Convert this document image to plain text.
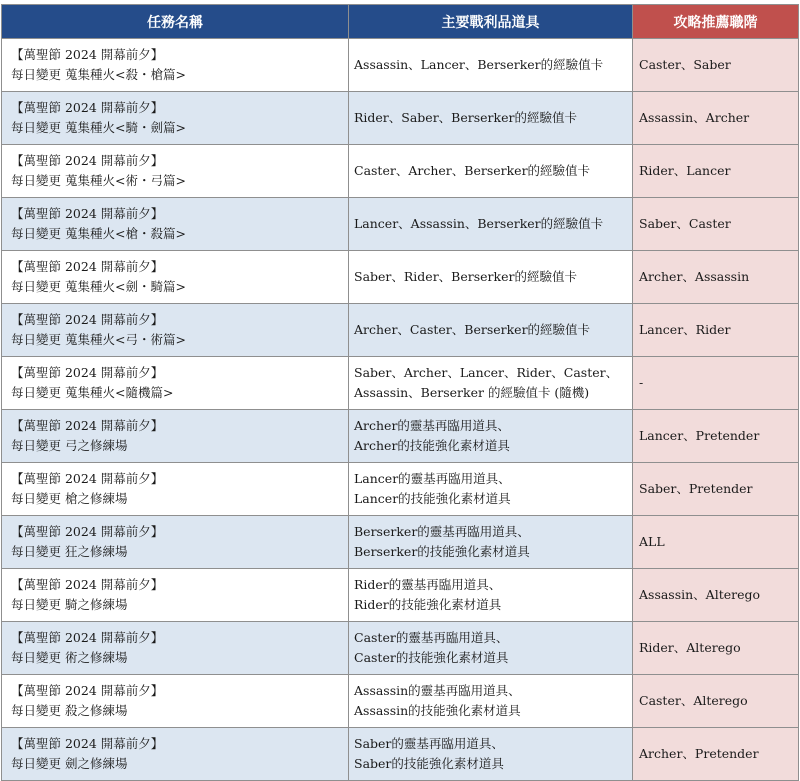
任務名稱	主要戰利品道具	攻略推薦職階

【萬聖節 2024 開幕前夕】
每日變更 蒐集種火<殺・槍篇>	Assassin、Lancer、Berserker的經驗值卡	Caster、Saber

【萬聖節 2024 開幕前夕】
每日變更 蒐集種火<騎・劍篇>	Rider、Saber、Berserker的經驗值卡	Assassin、Archer

【萬聖節 2024 開幕前夕】
每日變更 蒐集種火<術・弓篇>	Caster、Archer、Berserker的經驗值卡	Rider、Lancer

【萬聖節 2024 開幕前夕】
每日變更 蒐集種火<槍・殺篇>	Lancer、Assassin、Berserker的經驗值卡	Saber、Caster

【萬聖節 2024 開幕前夕】
每日變更 蒐集種火<劍・騎篇>	Saber、Rider、Berserker的經驗值卡	Archer、Assassin

【萬聖節 2024 開幕前夕】
每日變更 蒐集種火<弓・術篇>	Archer、Caster、Berserker的經驗值卡	Lancer、Rider

【萬聖節 2024 開幕前夕】
每日變更 蒐集種火<隨機篇>	Saber、Archer、Lancer、Rider、Caster、
Assassin、Berserker 的經驗值卡 (隨機)	-

【萬聖節 2024 開幕前夕】
每日變更 弓之修練場	Archer的靈基再臨用道具、
Archer的技能強化素材道具	Lancer、Pretender

【萬聖節 2024 開幕前夕】
每日變更 槍之修練場	Lancer的靈基再臨用道具、
Lancer的技能強化素材道具	Saber、Pretender

【萬聖節 2024 開幕前夕】
每日變更 狂之修練場	Berserker的靈基再臨用道具、
Berserker的技能強化素材道具	ALL

【萬聖節 2024 開幕前夕】
每日變更 騎之修練場	Rider的靈基再臨用道具、
Rider的技能強化素材道具	Assassin、Alterego

【萬聖節 2024 開幕前夕】
每日變更 術之修練場	Caster的靈基再臨用道具、
Caster的技能強化素材道具	Rider、Alterego

【萬聖節 2024 開幕前夕】
每日變更 殺之修練場	Assassin的靈基再臨用道具、
Assassin的技能強化素材道具	Caster、Alterego

【萬聖節 2024 開幕前夕】
每日變更 劍之修練場	Saber的靈基再臨用道具、
Saber的技能強化素材道具	Archer、Pretender
